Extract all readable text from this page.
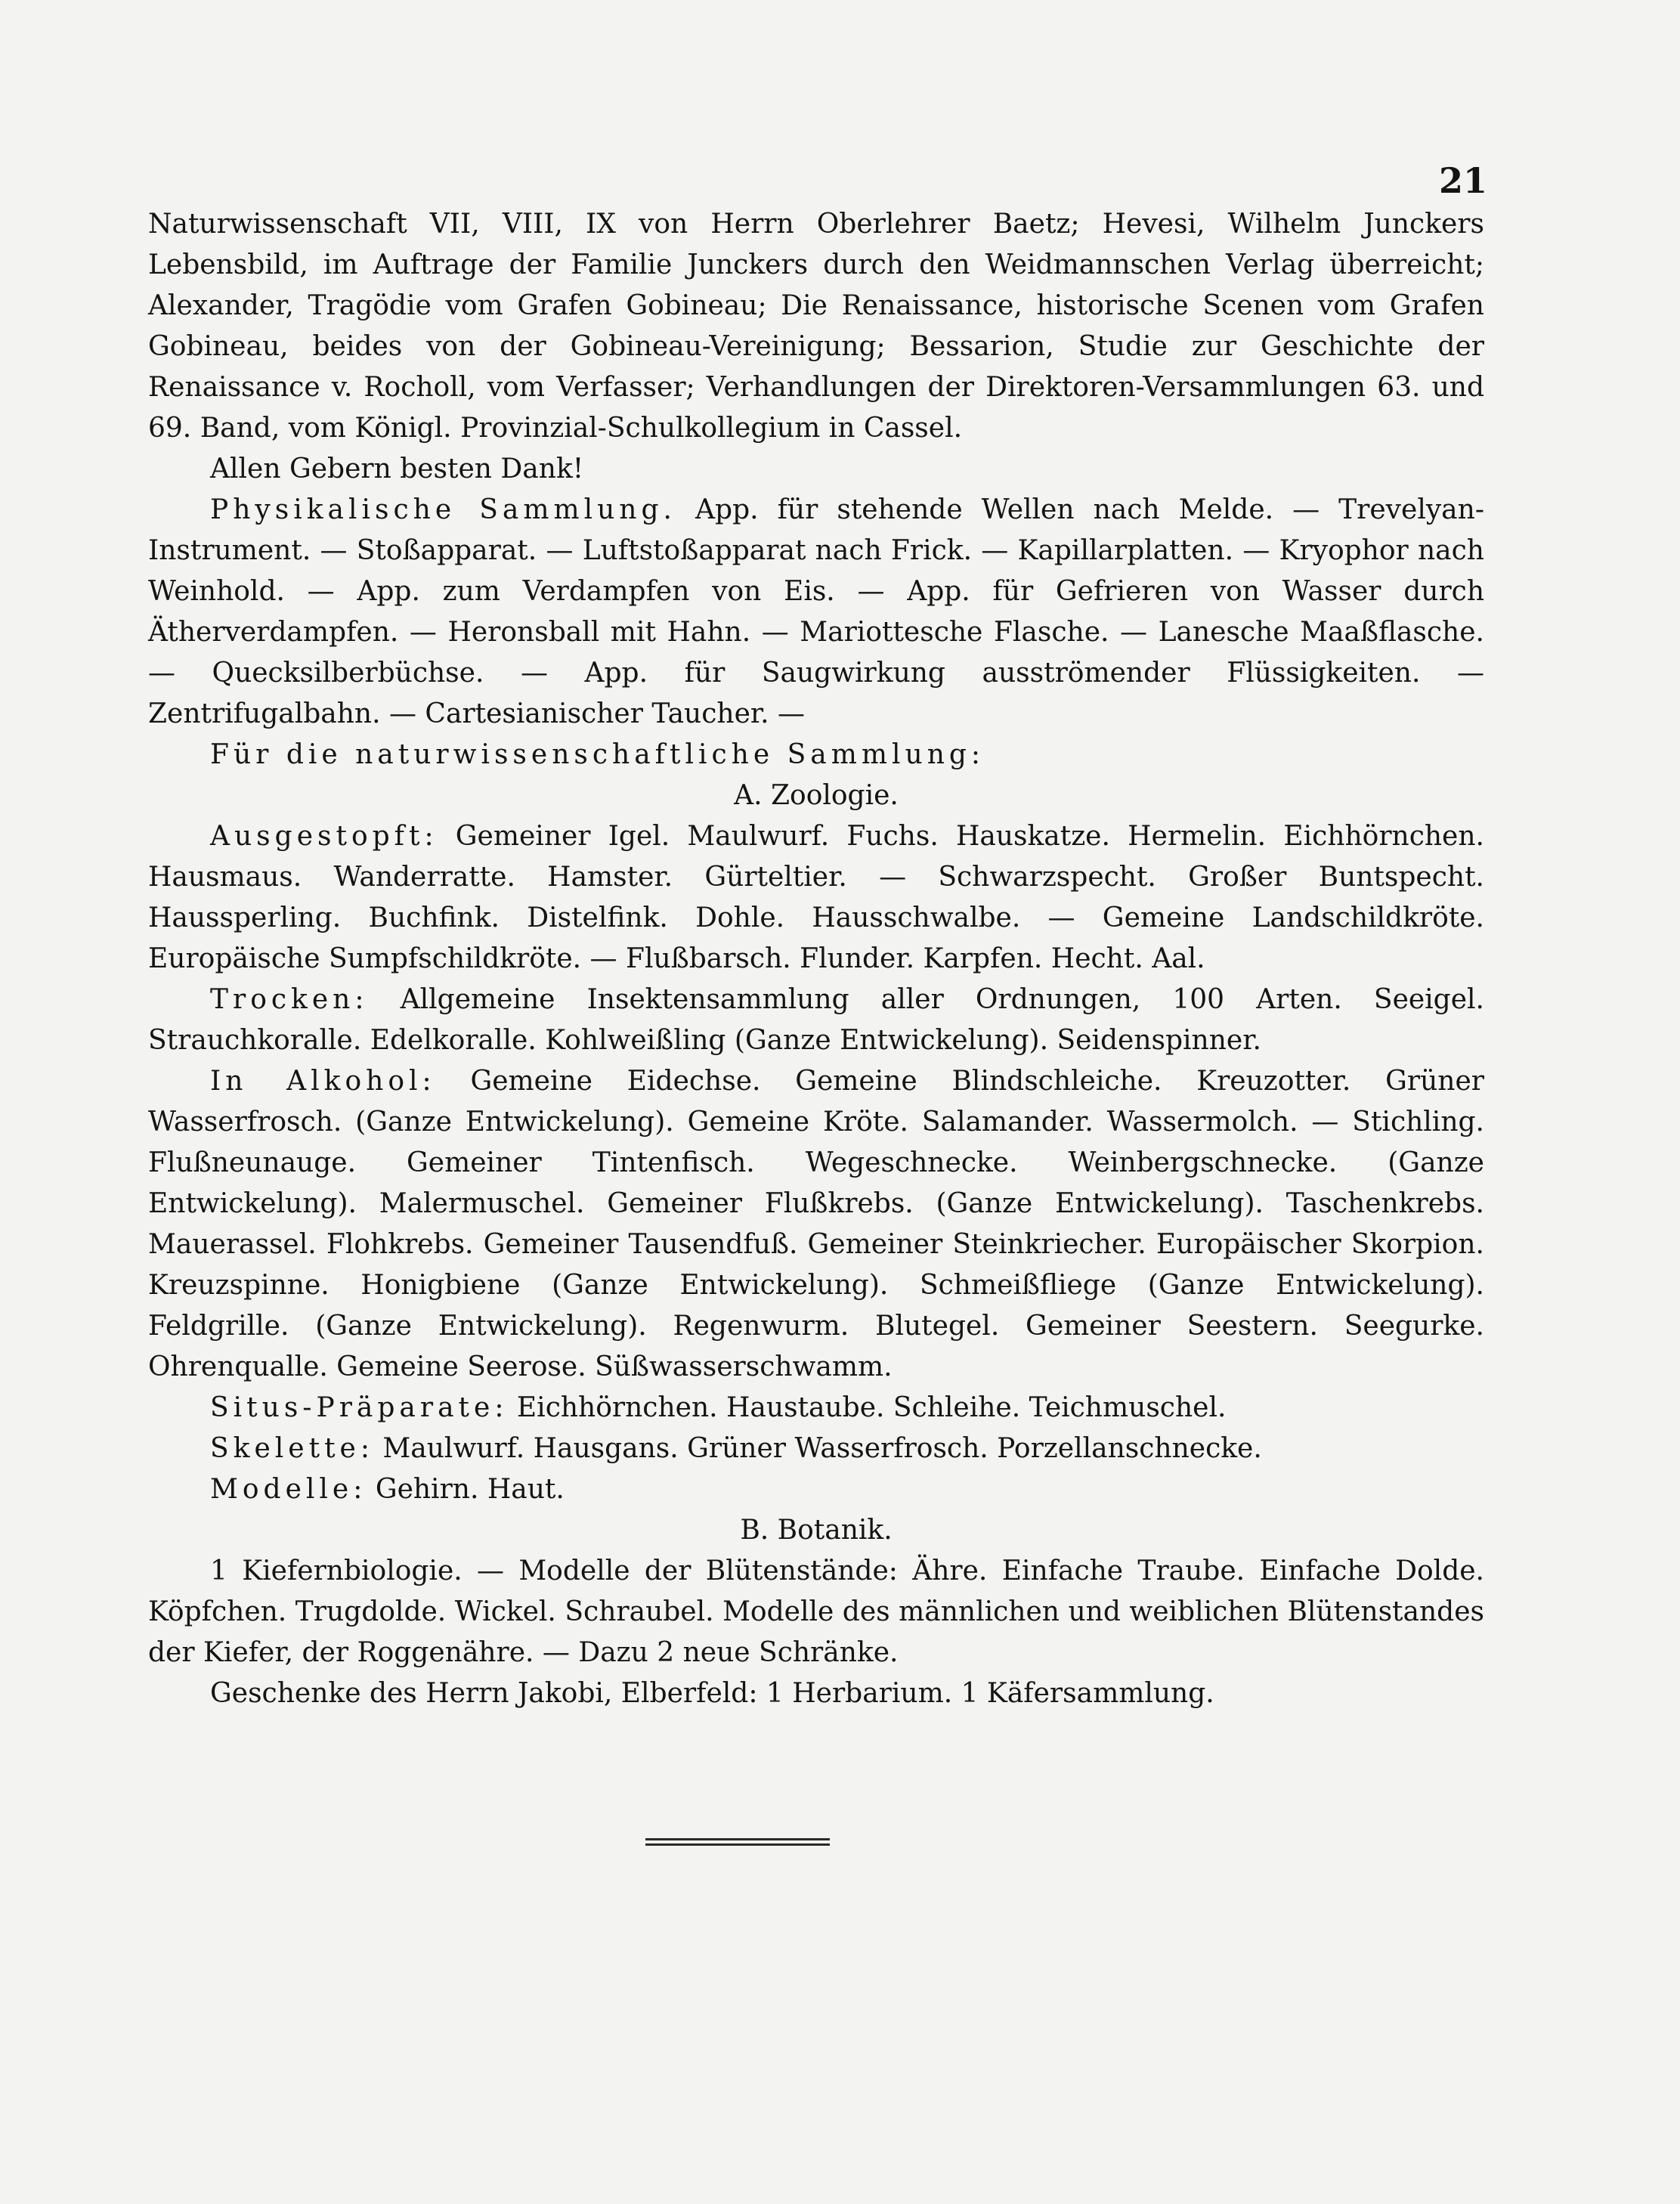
21

Naturwissenschaft VII, VIII, IX von Herrn Oberlehrer Baetz; Hevesi, Wilhelm Junckers Lebensbild, im Auftrage der Familie Junckers durch den Weidmannschen Verlag überreicht; Alexander, Tragödie vom Grafen Gobineau; Die Renaissance, historische Scenen vom Grafen Gobineau, beides von der Gobineau-Vereinigung; Bessarion, Studie zur Geschichte der Renaissance v. Rocholl, vom Verfasser; Verhandlungen der Direktoren-Versammlungen 63. und 69. Band, vom Königl. Provinzial-Schulkollegium in Cassel.

Allen Gebern besten Dank!

Physikalische Sammlung. App. für stehende Wellen nach Melde. — Trevelyan-Instrument. — Stoßapparat. — Luftstoßapparat nach Frick. — Kapillarplatten. — Kryophor nach Weinhold. — App. zum Verdampfen von Eis. — App. für Gefrieren von Wasser durch Ätherverdampfen. — Heronsball mit Hahn. — Mariottesche Flasche. — Lanesche Maaßflasche. — Quecksilberbüchse. — App. für Saugwirkung ausströmender Flüssigkeiten. — Zentrifugalbahn. — Cartesianischer Taucher. —

Für die naturwissenschaftliche Sammlung:

A. Zoologie.

Ausgestopft: Gemeiner Igel. Maulwurf. Fuchs. Hauskatze. Hermelin. Eichhörnchen. Hausmaus. Wanderratte. Hamster. Gürteltier. — Schwarzspecht. Großer Buntspecht. Haussperling. Buchfink. Distelfink. Dohle. Hausschwalbe. — Gemeine Landschildkröte. Europäische Sumpfschildkröte. — Flußbarsch. Flunder. Karpfen. Hecht. Aal.

Trocken: Allgemeine Insektensammlung aller Ordnungen, 100 Arten. Seeigel. Strauchkoralle. Edelkoralle. Kohlweißling (Ganze Entwickelung). Seidenspinner.

In Alkohol: Gemeine Eidechse. Gemeine Blindschleiche. Kreuzotter. Grüner Wasserfrosch. (Ganze Entwickelung). Gemeine Kröte. Salamander. Wassermolch. — Stichling. Flußneunauge. Gemeiner Tintenfisch. Wegeschnecke. Weinbergschnecke. (Ganze Entwickelung). Malermuschel. Gemeiner Flußkrebs. (Ganze Entwickelung). Taschenkrebs. Mauerassel. Flohkrebs. Gemeiner Tausendfuß. Gemeiner Steinkriecher. Europäischer Skorpion. Kreuzspinne. Honigbiene (Ganze Entwickelung). Schmeißfliege (Ganze Entwickelung). Feldgrille. (Ganze Entwickelung). Regenwurm. Blutegel. Gemeiner Seestern. Seegurke. Ohrenqualle. Gemeine Seerose. Süßwasserschwamm.

Situs-Präparate: Eichhörnchen. Haustaube. Schleihe. Teichmuschel.

Skelette: Maulwurf. Hausgans. Grüner Wasserfrosch. Porzellanschnecke.

Modelle: Gehirn. Haut.

B. Botanik.

1 Kiefernbiologie. — Modelle der Blütenstände: Ähre. Einfache Traube. Einfache Dolde. Köpfchen. Trugdolde. Wickel. Schraubel. Modelle des männlichen und weiblichen Blütenstandes der Kiefer, der Roggenähre. — Dazu 2 neue Schränke.

Geschenke des Herrn Jakobi, Elberfeld: 1 Herbarium. 1 Käfersammlung.
